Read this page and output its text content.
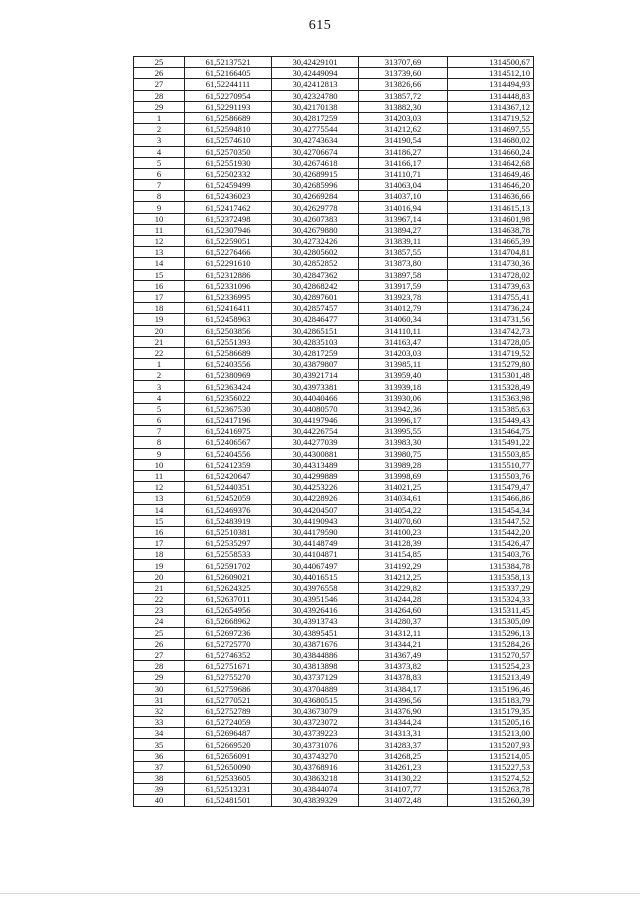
615
25	61,52137521	30,42429101	313707,69	1314500,67
26	61,52166405	30,42449094	313739,60	1314512,10
27	61,52244111	30,42412813	313826,66	1314494,93
28	61,52270954	30,42324780	313857,72	1314448,83
29	61,52291193	30,42170138	313882,30	1314367,12
1	61,52586689	30,42817259	314203,03	1314719,52
2	61,52594810	30,42775544	314212,62	1314697,55
3	61,52574610	30,42743634	314190,54	1314680,02
4	61,52570350	30,42706674	314186,27	1314660,24
5	61,52551930	30,42674618	314166,17	1314642,68
6	61,52502332	30,42689915	314110,71	1314649,46
7	61,52459499	30,42685996	314063,04	1314646,20
8	61,52436023	30,42669284	314037,10	1314636,66
9	61,52417462	30,42629778	314016,94	1314615,13
10	61,52372498	30,42607383	313967,14	1314601,98
11	61,52307946	30,42679880	313894,27	1314638,78
12	61,52259051	30,42732426	313839,11	1314665,39
13	61,52276466	30,42805602	313857,55	1314704,81
14	61,52291610	30,42852852	313873,80	1314730,36
15	61,52312886	30,42847362	313897,58	1314728,02
16	61,52331096	30,42868242	313917,59	1314739,63
17	61,52336995	30,42897601	313923,78	1314755,41
18	61,52416411	30,42857457	314012,79	1314736,24
19	61,52458963	30,42846477	314060,34	1314731,56
20	61,52503856	30,42865151	314110,11	1314742,73
21	61,52551393	30,42835103	314163,47	1314728,05
22	61,52586689	30,42817259	314203,03	1314719,52
1	61,52403556	30,43879807	313985,11	1315279,80
2	61,52380969	30,43921714	313959,40	1315301,48
3	61,52363424	30,43973381	313939,18	1315328,49
4	61,52356022	30,44040466	313930,06	1315363,98
5	61,52367530	30,44080570	313942,36	1315385,63
6	61,52417196	30,44197946	313996,17	1315449,43
7	61,52416975	30,44226754	313995,55	1315464,75
8	61,52406567	30,44277039	313983,30	1315491,22
9	61,52404556	30,44300881	313980,75	1315503,85
10	61,52412359	30,44313489	313989,28	1315510,77
11	61,52420647	30,44299889	313998,69	1315503,76
12	61,52440351	30,44253226	314021,25	1315479,47
13	61,52452059	30,44228926	314034,61	1315466,86
14	61,52469376	30,44204507	314054,22	1315454,34
15	61,52483919	30,44190943	314070,60	1315447,52
16	61,52510381	30,44179590	314100,23	1315442,20
17	61,52535297	30,44148749	314128,39	1315426,47
18	61,52558533	30,44104871	314154,85	1315403,76
19	61,52591702	30,44067497	314192,29	1315384,78
20	61,52609021	30,44016515	314212,25	1315358,13
21	61,52624325	30,43976558	314229,82	1315337,29
22	61,52637011	30,43951546	314244,28	1315324,33
23	61,52654956	30,43926416	314264,60	1315311,45
24	61,52668962	30,43913743	314280,37	1315305,09
25	61,52697236	30,43895451	314312,11	1315296,13
26	61,52725770	30,43871676	314344,21	1315284,26
27	61,52746352	30,43844886	314367,49	1315270,57
28	61,52751671	30,43813898	314373,82	1315254,23
29	61,52755270	30,43737129	314378,83	1315213,49
30	61,52759686	30,43704889	314384,17	1315196,46
31	61,52770521	30,43680515	314396,56	1315183,79
32	61,52752789	30,43673079	314376,90	1315179,35
33	61,52724059	30,43723072	314344,24	1315205,16
34	61,52696487	30,43739223	314313,31	1315213,00
35	61,52669520	30,43731076	314283,37	1315207,93
36	61,52656091	30,43743270	314268,25	1315214,05
37	61,52650090	30,43768916	314261,23	1315227,53
38	61,52533605	30,43863218	314130,22	1315274,52
39	61,52513231	30,43844074	314107,77	1315263,78
40	61,52481501	30,43839329	314072,48	1315260,39
